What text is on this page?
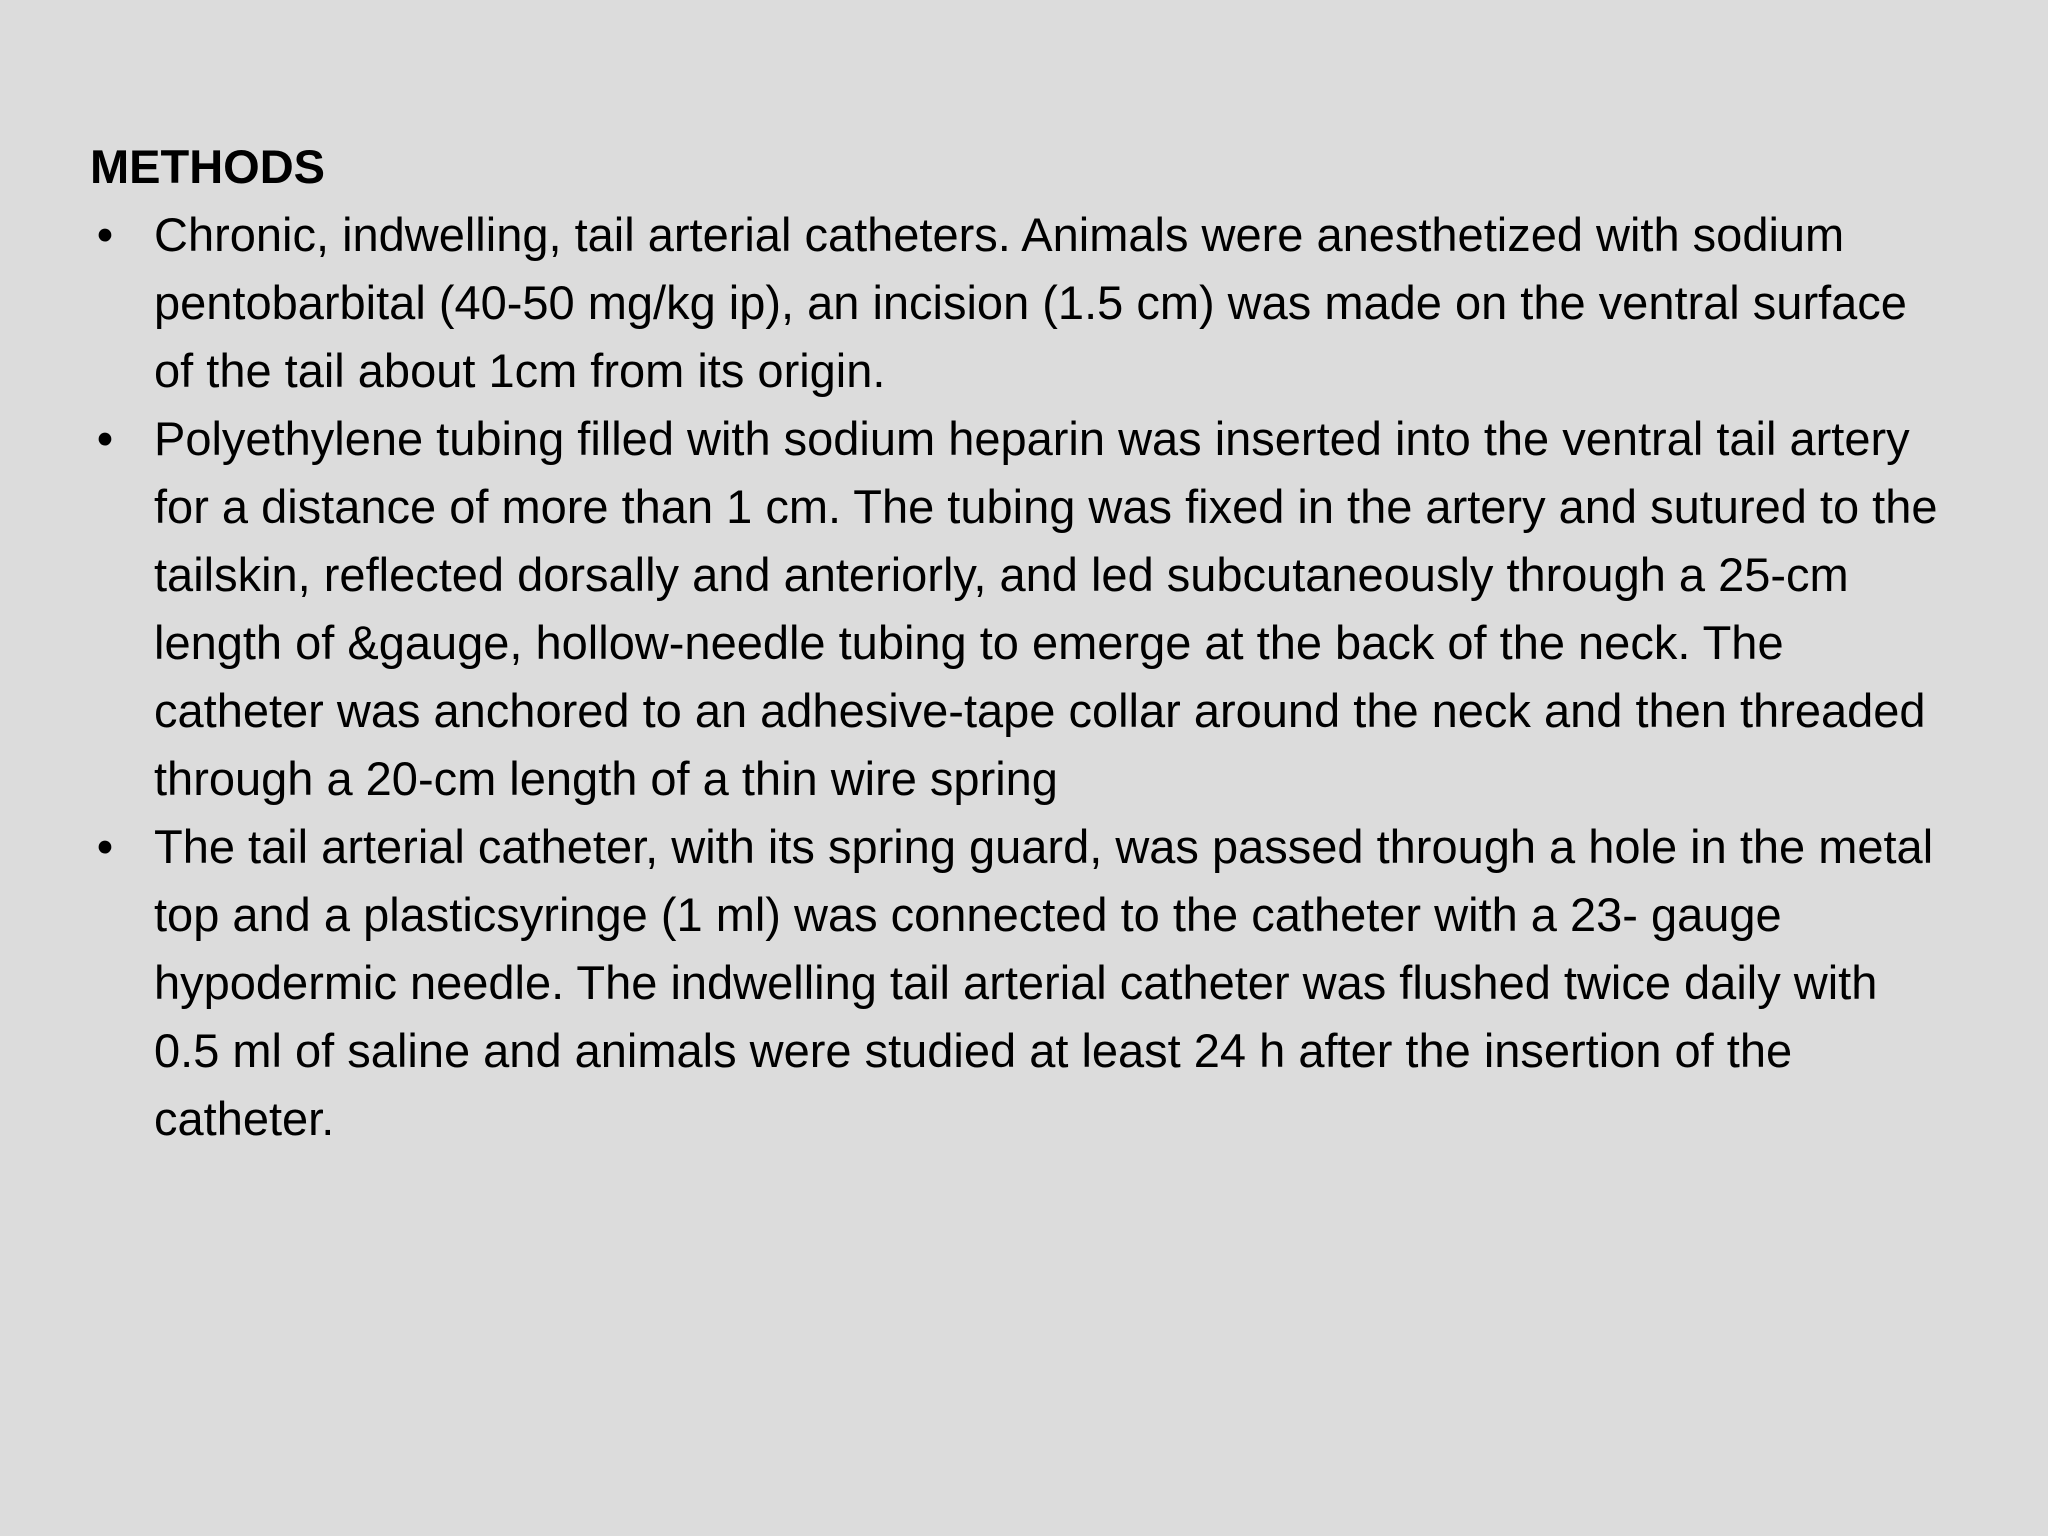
METHODS
• Chronic, indwelling, tail arterial catheters. Animals were anesthetized with sodium pentobarbital (40-50 mg/kg ip), an incision (1.5 cm) was made on the ventral surface of the tail about 1cm from its origin.
• Polyethylene tubing filled with sodium heparin was inserted into the ventral tail artery for a distance of more than 1 cm. The tubing was fixed in the artery and sutured to the tailskin, reflected dorsally and anteriorly, and led subcutaneously through a 25-cm length of &gauge, hollow-needle tubing to emerge at the back of the neck. The catheter was anchored to an adhesive-tape collar around the neck and then threaded through a 20-cm length of a thin wire spring
• The tail arterial catheter, with its spring guard, was passed through a hole in the metal top and a plasticsyringe (1 ml) was connected to the catheter with a 23- gauge hypodermic needle. The indwelling tail arterial catheter was flushed twice daily with 0.5 ml of saline and animals were studied at least 24 h after the insertion of the catheter.
